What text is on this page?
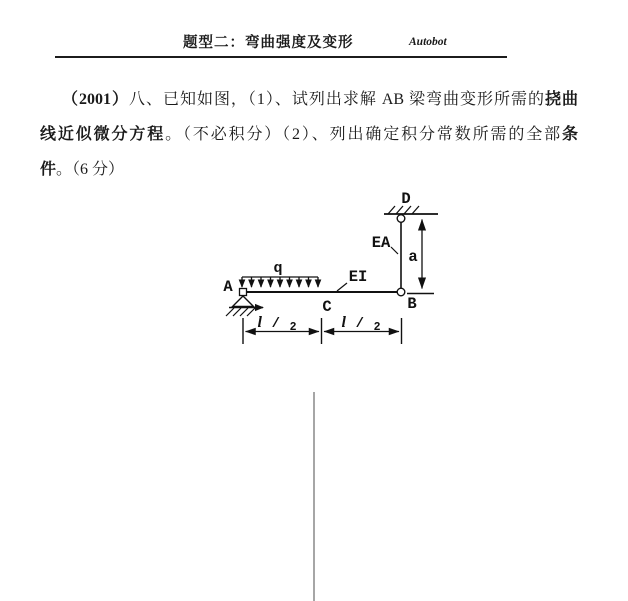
题型二：弯曲强度及变形	Autobot
（2001）八、已知如图，（1）、试列出求解 AB 梁弯曲变形所需的挠曲
线近似微分方程。（不必积分）（2）、列出确定积分常数所需的全部条
件。（6 分）
q
A
EI
C
D
EA
a
B
l / 2	l / 2
